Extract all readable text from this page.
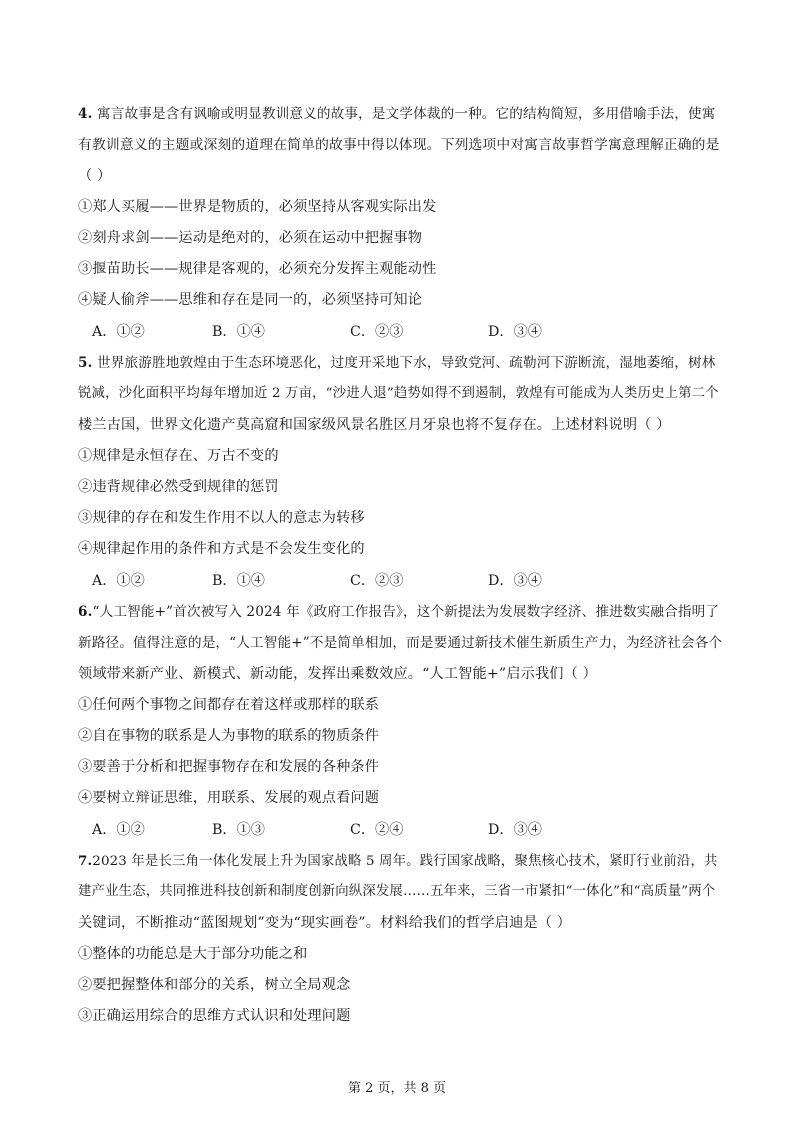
4. 寓言故事是含有讽喻或明显教训意义的故事，是文学体裁的一种。它的结构简短，多用借喻手法，使寓
有教训意义的主题或深刻的道理在简单的故事中得以体现。下列选项中对寓言故事哲学寓意理解正确的是
（ ）
①郑人买履——世界是物质的，必须坚持从客观实际出发
②刻舟求剑——运动是绝对的，必须在运动中把握事物
③揠苗助长——规律是客观的，必须充分发挥主观能动性
④疑人偷斧——思维和存在是同一的，必须坚持可知论
A．①②	B．①④	C．②③	D．③④
5. 世界旅游胜地敦煌由于生态环境恶化，过度开采地下水，导致党河、疏勒河下游断流，湿地萎缩，树林
锐减，沙化面积平均每年增加近 2 万亩，“沙进人退”趋势如得不到遏制，敦煌有可能成为人类历史上第二个
楼兰古国，世界文化遗产莫高窟和国家级风景名胜区月牙泉也将不复存在。上述材料说明（ ）
①规律是永恒存在、万古不变的
②违背规律必然受到规律的惩罚
③规律的存在和发生作用不以人的意志为转移
④规律起作用的条件和方式是不会发生变化的
A．①②	B．①④	C．②③	D．③④
6.“人工智能+”首次被写入 2024 年《政府工作报告》，这个新提法为发展数字经济、推进数实融合指明了
新路径。值得注意的是，“人工智能+”不是简单相加，而是要通过新技术催生新质生产力，为经济社会各个
领域带来新产业、新模式、新动能，发挥出乘数效应。“人工智能+”启示我们（ ）
①任何两个事物之间都存在着这样或那样的联系
②自在事物的联系是人为事物的联系的物质条件
③要善于分析和把握事物存在和发展的各种条件
④要树立辩证思维，用联系、发展的观点看问题
A．①②	B．①③	C．②④	D．③④
7.2023 年是长三角一体化发展上升为国家战略 5 周年。践行国家战略，聚焦核心技术，紧盯行业前沿，共
建产业生态，共同推进科技创新和制度创新向纵深发展……五年来，三省一市紧扣“一体化”和“高质量”两个
关键词，不断推动“蓝图规划”变为“现实画卷”。材料给我们的哲学启迪是（ ）
①整体的功能总是大于部分功能之和
②要把握整体和部分的关系，树立全局观念
③正确运用综合的思维方式认识和处理问题
第 2 页，共 8 页
